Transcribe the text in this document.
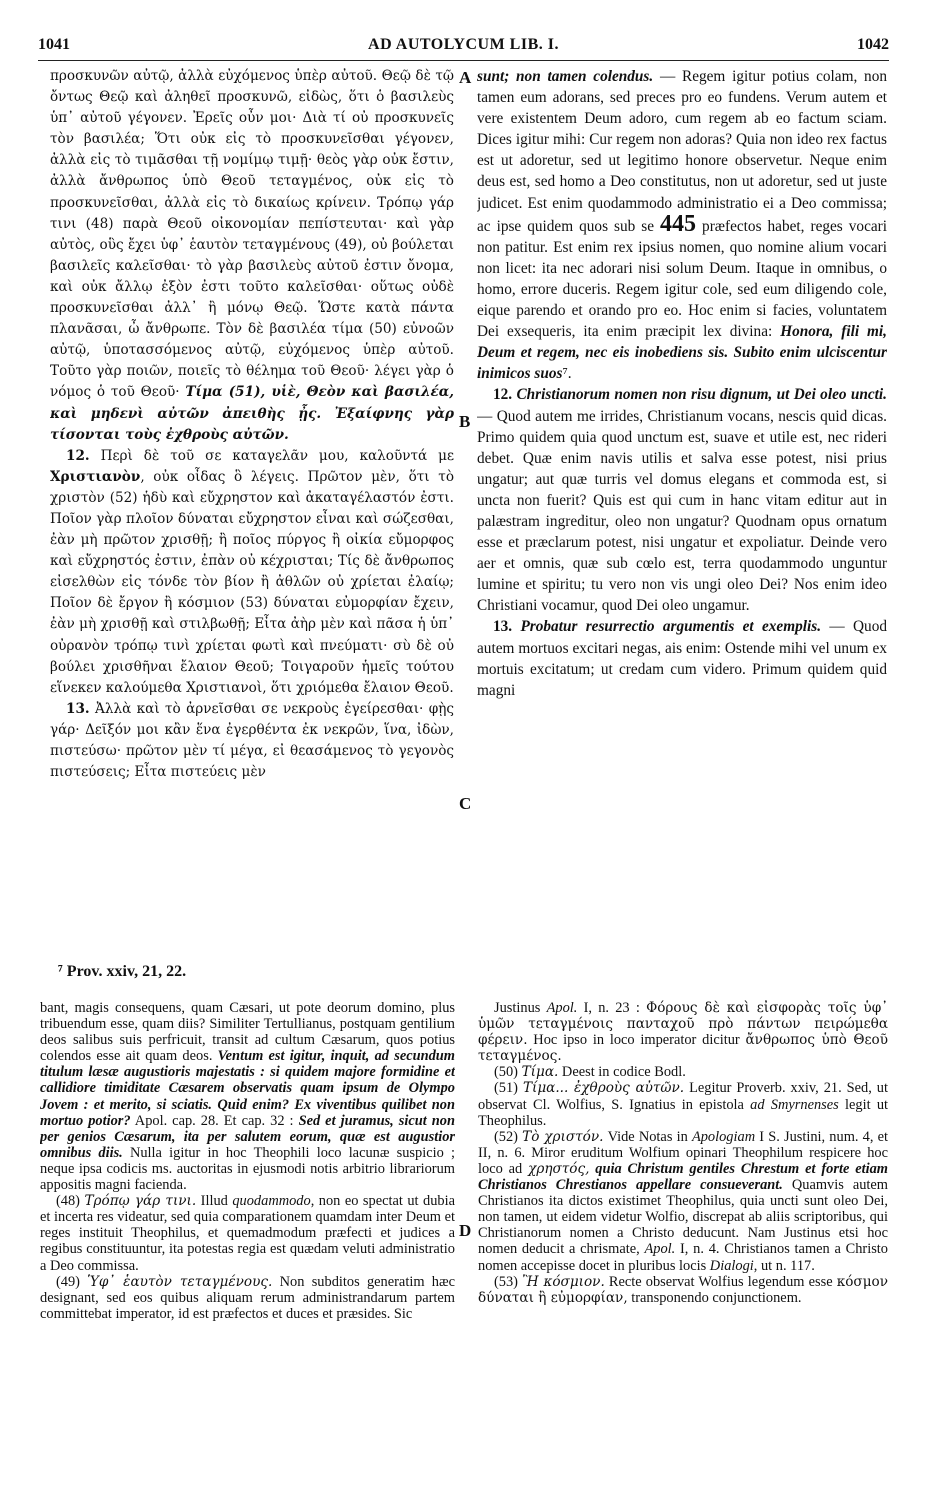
1041	AD AUTOLYCUM LIB. I.	1042

προσκυνῶν αὐτῷ, ἀλλὰ εὐχόμενος ὑπὲρ αὐτοῦ. Θεῷ δὲ τῷ ὄντως Θεῷ καὶ ἀληθεῖ προσκυνῶ, εἰδὼς, ὅτι ὁ βασιλεὺς ὑπ᾽ αὐτοῦ γέγονεν. Ἐρεῖς οὖν μοι· Διὰ τί οὐ προσκυνεῖς τὸν βασιλέα; Ὅτι οὐκ εἰς τὸ προσκυνεῖσθαι γέγονεν, ἀλλὰ εἰς τὸ τιμᾶσθαι τῇ νομίμῳ τιμῇ· θεὸς γὰρ οὐκ ἔστιν, ἀλλὰ ἄνθρωπος ὑπὸ Θεοῦ τεταγμένος, οὐκ εἰς τὸ προσκυνεῖσθαι, ἀλλὰ εἰς τὸ δικαίως κρίνειν. Τρόπῳ γάρ τινι (48) παρὰ Θεοῦ οἰκονομίαν πεπίστευται· καὶ γὰρ αὐτὸς, οὓς ἔχει ὑφ᾽ ἑαυτὸν τεταγμένους (49), οὐ βούλεται βασιλεῖς καλεῖσθαι· τὸ γὰρ βασιλεὺς αὐτοῦ ἐστιν ὄνομα, καὶ οὐκ ἄλλῳ ἐξὸν ἐστι τοῦτο καλεῖσθαι· οὕτως οὐδὲ προσκυνεῖσθαι ἀλλ᾽ ἢ μόνῳ Θεῷ. Ὥστε κατὰ πάντα πλανᾶσαι, ὦ ἄνθρωπε. Τὸν δὲ βασιλέα τίμα (50) εὐνοῶν αὐτῷ, ὑποτασσόμενος αὐτῷ, εὐχόμενος ὑπὲρ αὐτοῦ. Τοῦτο γὰρ ποιῶν, ποιεῖς τὸ θέλημα τοῦ Θεοῦ· λέγει γὰρ ὁ νόμος ὁ τοῦ Θεοῦ· Τίμα (51), υἱὲ, Θεὸν καὶ βασιλέα, καὶ μηδενὶ αὐτῶν ἀπειθὴς ᾖς. Ἐξαίφνης γὰρ τίσονται τοὺς ἐχθροὺς αὐτῶν.

12. Περὶ δὲ τοῦ σε καταγελᾶν μου, καλοῦντά με Χριστιανὸν, οὐκ οἶδας ὃ λέγεις. Πρῶτον μὲν, ὅτι τὸ χριστὸν (52) ἡδὺ καὶ εὔχρηστον καὶ ἀκαταγέλαστόν ἐστι. Ποῖον γὰρ πλοῖον δύναται εὔχρηστον εἶναι καὶ σώζεσθαι, ἐὰν μὴ πρῶτον χρισθῇ; ἢ ποῖος πύργος ἢ οἰκία εὔμορφος καὶ εὔχρηστός ἐστιν, ἐπὰν οὐ κέχρισται; Τίς δὲ ἄνθρωπος εἰσελθὼν εἰς τόνδε τὸν βίον ἢ ἀθλῶν οὐ χρίεται ἐλαίῳ; Ποῖον δὲ ἔργον ἢ κόσμιον (53) δύναται εὐμορφίαν ἔχειν, ἐὰν μὴ χρισθῇ καὶ στιλβωθῇ; Εἶτα ἀὴρ μὲν καὶ πᾶσα ἡ ὑπ᾽ οὐρανὸν τρόπῳ τινὶ χρίεται φωτὶ καὶ πνεύματι· σὺ δὲ οὐ βούλει χρισθῆναι ἔλαιον Θεοῦ; Τοιγαροῦν ἡμεῖς τούτου εἵνεκεν καλούμεθα Χριστιανοὶ, ὅτι χριόμεθα ἔλαιον Θεοῦ.

13. Ἀλλὰ καὶ τὸ ἀρνεῖσθαι σε νεκροὺς ἐγείρεσθαι· φῂς γάρ· Δεῖξόν μοι κἂν ἕνα ἐγερθέντα ἐκ νεκρῶν, ἵνα, ἰδὼν, πιστεύσω· πρῶτον μὲν τί μέγα, εἰ θεασάμενος τὸ γεγονὸς πιστεύσεις; Εἶτα πιστεύεις μὲν

A
B
C
D

sunt; non tamen colendus. — Regem igitur potius colam, non tamen eum adorans, sed preces pro eo fundens. Verum autem et vere existentem Deum adoro, cum regem ab eo factum sciam. Dices igitur mihi: Cur regem non adoras? Quia non ideo rex factus est ut adoretur, sed ut legitimo honore observetur. Neque enim deus est, sed homo a Deo constitutus, non ut adoretur, sed ut juste judicet. Est enim quodammodo administratio ei a Deo commissa; ac ipse quidem quos sub se 445 præfectos habet, reges vocari non patitur. Est enim rex ipsius nomen, quo nomine alium vocari non licet: ita nec adorari nisi solum Deum. Itaque in omnibus, o homo, errore duceris. Regem igitur cole, sed eum diligendo cole, eique parendo et orando pro eo. Hoc enim si facies, voluntatem Dei exsequeris, ita enim præcipit lex divina: Honora, fili mi, Deum et regem, nec eis inobediens sis. Subito enim ulciscentur inimicos suos⁷.

12. Christianorum nomen non risu dignum, ut Dei oleo uncti. — Quod autem me irrides, Christianum vocans, nescis quid dicas. Primo quidem quia quod unctum est, suave et utile est, nec rideri debet. Quæ enim navis utilis et salva esse potest, nisi prius ungatur; aut quæ turris vel domus elegans et commoda est, si uncta non fuerit? Quis est qui cum in hanc vitam editur aut in palæstram ingreditur, oleo non ungatur? Quodnam opus ornatum esse et præclarum potest, nisi ungatur et expoliatur. Deinde vero aer et omnis, quæ sub cœlo est, terra quodammodo unguntur lumine et spiritu; tu vero non vis ungi oleo Dei? Nos enim ideo Christiani vocamur, quod Dei oleo ungamur.

13. Probatur resurrectio argumentis et exemplis. — Quod autem mortuos excitari negas, ais enim: Ostende mihi vel unum ex mortuis excitatum; ut credam cum videro. Primum quidem quid magni

⁷ Prov. xxiv, 21, 22.

bant, magis consequens, quam Cæsari, ut pote deorum domino, plus tribuendum esse, quam diis? Similiter Tertullianus, postquam gentilium deos salibus suis perfricuit, transit ad cultum Cæsarum, quos potius colendos esse ait quam deos. Ventum est igitur, inquit, ad secundum titulum læsæ augustioris majestatis : si quidem majore formidine et callidiore timiditate Cæsarem observatis quam ipsum de Olympo Jovem : et merito, si sciatis. Quid enim? Ex viventibus quilibet non mortuo potior? Apol. cap. 28. Et cap. 32 : Sed et juramus, sicut non per genios Cæsarum, ita per salutem eorum, quæ est augustior omnibus diis. Nulla igitur in hoc Theophili loco lacunæ suspicio ; neque ipsa codicis ms. auctoritas in ejusmodi notis arbitrio librariorum appositis magni facienda.

(48) Τρόπῳ γάρ τινι. Illud quodammodo, non eo spectat ut dubia et incerta res videatur, sed quia comparationem quamdam inter Deum et reges instituit Theophilus, et quemadmodum præfecti et judices a regibus constituuntur, ita potestas regia est quædam veluti administratio a Deo commissa.

(49) Ὑφ᾽ ἑαυτὸν τεταγμένους. Non subditos generatim hæc designant, sed eos quibus aliquam rerum administrandarum partem committebat imperator, id est præfectos et duces et præsides. Sic

Justinus Apol. I, n. 23 : Φόρους δὲ καὶ εἰσφορὰς τοῖς ὑφ᾽ ὑμῶν τεταγμένοις πανταχοῦ πρὸ πάντων πειρώμεθα φέρειν. Hoc ipso in loco imperator dicitur ἄνθρωπος ὑπὸ Θεοῦ τεταγμένος.

(50) Τίμα. Deest in codice Bodl.

(51) Τίμα... ἐχθροὺς αὐτῶν. Legitur Proverb. xxiv, 21. Sed, ut observat Cl. Wolfius, S. Ignatius in epistola ad Smyrnenses legit ut Theophilus.

(52) Τὸ χριστόν. Vide Notas in Apologiam I S. Justini, num. 4, et II, n. 6. Miror eruditum Wolfium opinari Theophilum respicere hoc loco ad χρηστός, quia Christum gentiles Chrestum et forte etiam Christianos Chrestianos appellare consueverant. Quamvis autem Christianos ita dictos existimet Theophilus, quia uncti sunt oleo Dei, non tamen, ut eidem videtur Wolfio, discrepat ab aliis scriptoribus, qui Christianorum nomen a Christo deducunt. Nam Justinus etsi hoc nomen deducit a chrismate, Apol. I, n. 4. Christianos tamen a Christo nomen accepisse docet in pluribus locis Dialogi, ut n. 117.

(53) Ἢ κόσμιον. Recte observat Wolfius legendum esse κόσμον δύναται ἢ εὐμορφίαν, transponendo conjunctionem.
